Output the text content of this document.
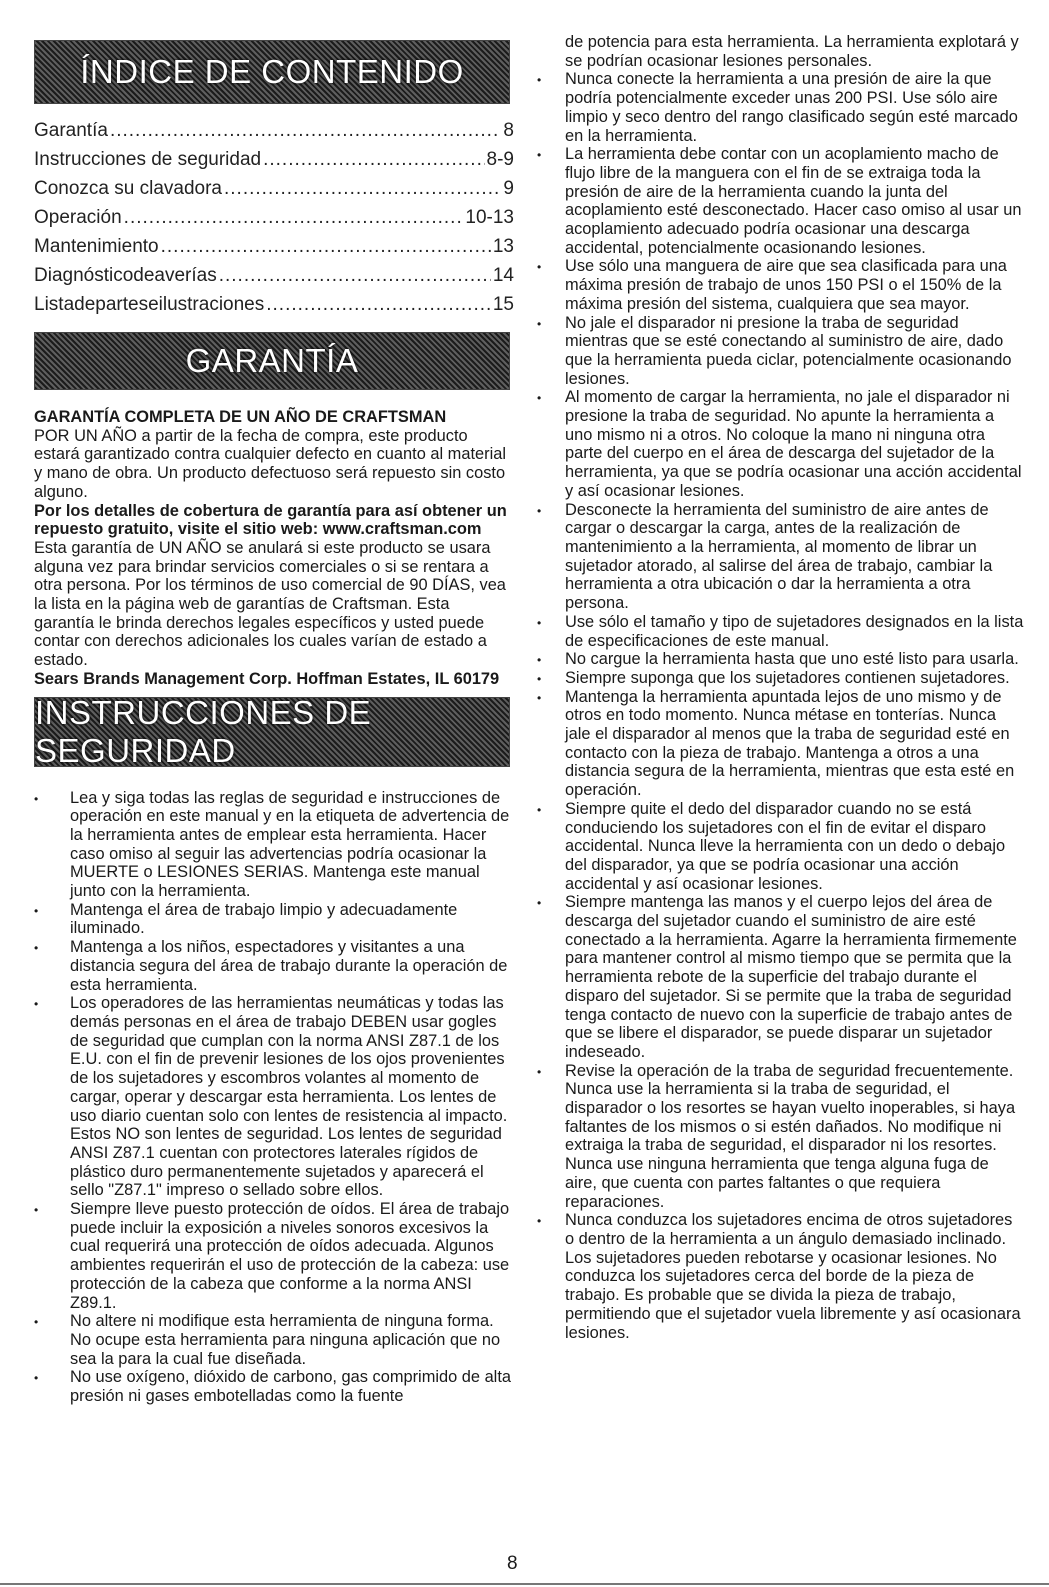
ÍNDICE DE CONTENIDO
Garantía .....	8
Instrucciones de seguridad .....	8-9
Conozca su clavadora .....	9
Operación .....	10-13
Mantenimiento .....	13
Diagnósticodeaverías .....	14
Listadeparteseilustraciones .....	15
GARANTÍA

GARANTÍA COMPLETA DE UN AÑO DE CRAFTSMAN

POR UN AÑO a partir de la fecha de compra, este producto estará garantizado contra cualquier defecto en cuanto al material y mano de obra. Un producto defectuoso será repuesto sin costo alguno.

Por los detalles de cobertura de garantía para así obtener un repuesto gratuito, visite el sitio web: www.craftsman.com

Esta garantía de UN AÑO se anulará si este producto se usara alguna vez para brindar servicios comerciales o si se rentara a otra persona. Por los términos de uso comercial de 90 DÍAS, vea la lista en la página web de garantías de Craftsman. Esta garantía le brinda derechos legales específicos y usted puede contar con derechos adicionales los cuales varían de estado a estado.

Sears Brands Management Corp. Hoffman Estates, IL 60179

INSTRUCCIONES DE SEGURIDAD
• Lea y siga todas las reglas de seguridad e instrucciones de operación en este manual y en la etiqueta de advertencia de la herramienta antes de emplear esta herramienta. Hacer caso omiso al seguir las advertencias podría ocasionar la MUERTE o LESIONES SERIAS. Mantenga este manual junto con la herramienta.
• Mantenga el área de trabajo limpio y adecuadamente iluminado.
• Mantenga a los niños, espectadores y visitantes a una distancia segura del área de trabajo durante la operación de esta herramienta.
• Los operadores de las herramientas neumáticas y todas las demás personas en el área de trabajo DEBEN usar gogles de seguridad que cumplan con la norma ANSI Z87.1 de los E.U. con el fin de prevenir lesiones de los ojos provenientes de los sujetadores y escombros volantes al momento de cargar, operar y descargar esta herramienta. Los lentes de uso diario cuentan solo con lentes de resistencia al impacto. Estos NO son lentes de seguridad. Los lentes de seguridad ANSI Z87.1 cuentan con protectores laterales rígidos de plástico duro permanentemente sujetados y aparecerá el sello "Z87.1" impreso o sellado sobre ellos.
• Siempre lleve puesto protección de oídos. El área de trabajo puede incluir la exposición a niveles sonoros excesivos la cual requerirá una protección de oídos adecuada. Algunos ambientes requerirán el uso de protección de la cabeza: use protección de la cabeza que conforme a la norma ANSI Z89.1.
• No altere ni modifique esta herramienta de ninguna forma. No ocupe esta herramienta para ninguna aplicación que no sea la para la cual fue diseñada.
• No use oxígeno, dióxido de carbono, gas comprimido de alta presión ni gases embotelladas como la fuente

de potencia para esta herramienta. La herramienta explotará y se podrían ocasionar lesiones personales.

• Nunca conecte la herramienta a una presión de aire la que podría potencialmente exceder unas 200 PSI. Use sólo aire limpio y seco dentro del rango clasificado según esté marcado en la herramienta.
• La herramienta debe contar con un acoplamiento macho de flujo libre de la manguera con el fin de se extraiga toda la presión de aire de la herramienta cuando la junta del acoplamiento esté desconectado. Hacer caso omiso al usar un acoplamiento adecuado podría ocasionar una descarga accidental, potencialmente ocasionando lesiones.
• Use sólo una manguera de aire que sea clasificada para una máxima presión de trabajo de unos 150 PSI o el 150% de la máxima presión del sistema, cualquiera que sea mayor.
• No jale el disparador ni presione la traba de seguridad mientras que se esté conectando al suministro de aire, dado que la herramienta pueda ciclar, potencialmente ocasionando lesiones.
• Al momento de cargar la herramienta, no jale el disparador ni presione la traba de seguridad. No apunte la herramienta a uno mismo ni a otros. No coloque la mano ni ninguna otra parte del cuerpo en el área de descarga del sujetador de la herramienta, ya que se podría ocasionar una acción accidental y así ocasionar lesiones.
• Desconecte la herramienta del suministro de aire antes de cargar o descargar la carga, antes de la realización de mantenimiento a la herramienta, al momento de librar un sujetador atorado, al salirse del área de trabajo, cambiar la herramienta a otra ubicación o dar la herramienta a otra persona.
• Use sólo el tamaño y tipo de sujetadores designados en la lista de especificaciones de este manual.
• No cargue la herramienta hasta que uno esté listo para usarla.
• Siempre suponga que los sujetadores contienen sujetadores.
• Mantenga la herramienta apuntada lejos de uno mismo y de otros en todo momento. Nunca métase en tonterías. Nunca jale el disparador al menos que la traba de seguridad esté en contacto con la pieza de trabajo. Mantenga a otros a una distancia segura de la herramienta, mientras que esta esté en operación.
• Siempre quite el dedo del disparador cuando no se está conduciendo los sujetadores con el fin de evitar el disparo accidental. Nunca lleve la herramienta con un dedo o debajo del disparador, ya que se podría ocasionar una acción accidental y así ocasionar lesiones.
• Siempre mantenga las manos y el cuerpo lejos del área de descarga del sujetador cuando el suministro de aire esté conectado a la herramienta. Agarre la herramienta firmemente para mantener control al mismo tiempo que se permita que la herramienta rebote de la superficie del trabajo durante el disparo del sujetador. Si se permite que la traba de seguridad tenga contacto de nuevo con la superficie de trabajo antes de que se libere el disparador, se puede disparar un sujetador indeseado.
• Revise la operación de la traba de seguridad frecuentemente. Nunca use la herramienta si la traba de seguridad, el disparador o los resortes se hayan vuelto inoperables, si haya faltantes de los mismos o si estén dañados. No modifique ni extraiga la traba de seguridad, el disparador ni los resortes. Nunca use ninguna herramienta que tenga alguna fuga de aire, que cuenta con partes faltantes o que requiera reparaciones.
• Nunca conduzca los sujetadores encima de otros sujetadores o dentro de la herramienta a un ángulo demasiado inclinado. Los sujetadores pueden rebotarse y ocasionar lesiones. No conduzca los sujetadores cerca del borde de la pieza de trabajo. Es probable que se divida la pieza de trabajo, permitiendo que el sujetador vuela libremente y así ocasionara lesiones.
8
